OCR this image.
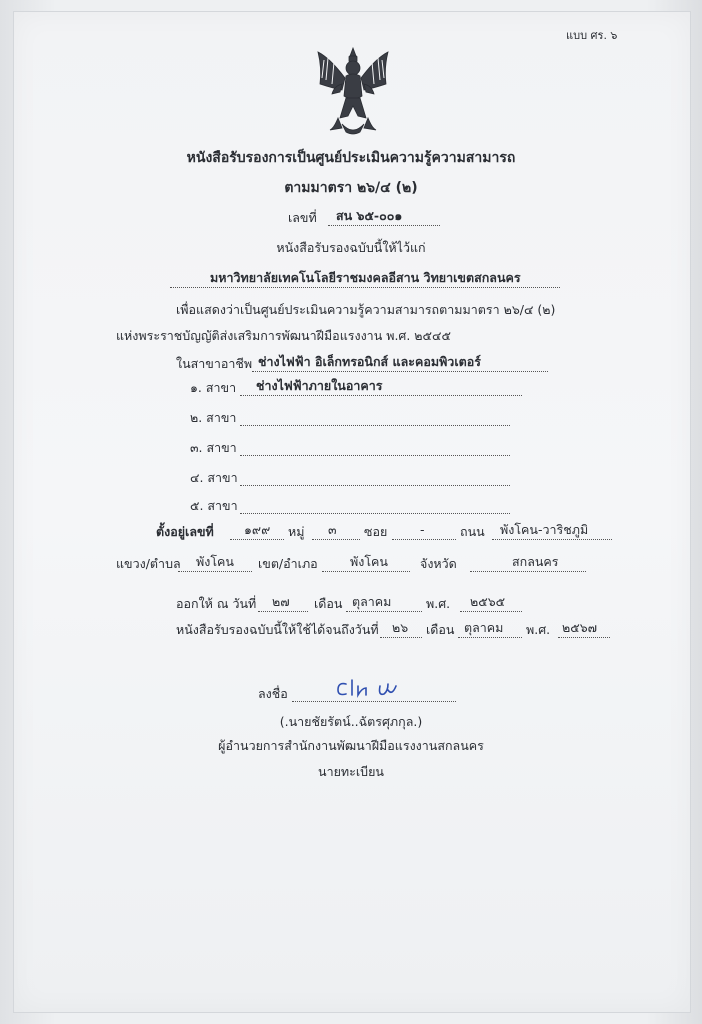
แบบ ศร. ๖
หนังสือรับรองการเป็นศูนย์ประเมินความรู้ความสามารถ
ตามมาตรา ๒๖/๔ (๒)
เลขที่ สน ๖๕-๐๐๑
หนังสือรับรองฉบับนี้ให้ไว้แก่
มหาวิทยาลัยเทคโนโลยีราชมงคลอีสาน วิทยาเขตสกลนคร
เพื่อแสดงว่าเป็นศูนย์ประเมินความรู้ความสามารถตามมาตรา ๒๖/๔ (๒)
แห่งพระราชบัญญัติส่งเสริมการพัฒนาฝีมือแรงงาน พ.ศ. ๒๕๔๕
ในสาขาอาชีพ ช่างไฟฟ้า อิเล็กทรอนิกส์ และคอมพิวเตอร์
๑. สาขา ช่างไฟฟ้าภายในอาคาร
๒. สาขา
๓. สาขา
๔. สาขา
๕. สาขา
ตั้งอยู่เลขที่ ๑๙๙ หมู่ ๓ ซอย	-	ถนน พังโคน-วาริชภูมิ
แขวง/ตำบล พังโคน เขต/อำเภอ	พังโคน	จังหวัด	สกลนคร
ออกให้ ณ วันที่ ๒๗ เดือน ตุลาคม	พ.ศ. ๒๕๖๕
หนังสือรับรองฉบับนี้ให้ใช้ได้จนถึงวันที่ ๒๖ เดือน ตุลาคม พ.ศ. ๒๕๖๗
ลงชื่อ
(.นายชัยรัตน์..ฉัตรศุภกุล.)
ผู้อำนวยการสำนักงานพัฒนาฝีมือแรงงานสกลนคร
นายทะเบียน
